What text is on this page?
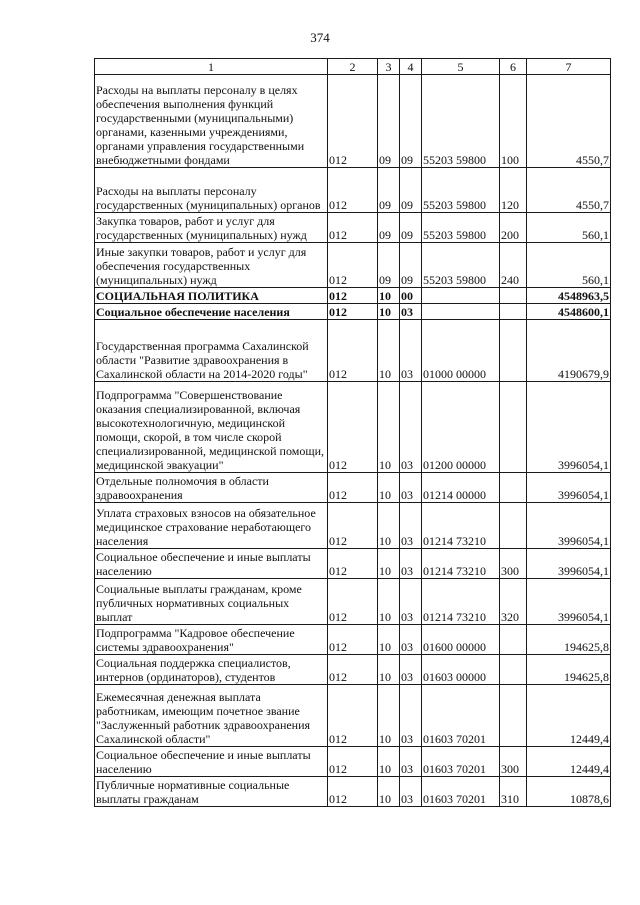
374
1	2	3	4	5	6	7
Расходы на выплаты персоналу в целях обеспечения выполнения функций государственными (муниципальными) органами, казенными учреждениями, органами управления государственными внебюджетными фондами	012	09	09	55203 59800	100	4550,7
Расходы на выплаты персоналу государственных (муниципальных) органов	012	09	09	55203 59800	120	4550,7
Закупка товаров, работ и услуг для государственных (муниципальных) нужд	012	09	09	55203 59800	200	560,1
Иные закупки товаров, работ и услуг для обеспечения государственных (муниципальных) нужд	012	09	09	55203 59800	240	560,1
СОЦИАЛЬНАЯ ПОЛИТИКА	012	10	00			4548963,5
Социальное обеспечение населения	012	10	03			4548600,1
Государственная программа Сахалинской области "Развитие здравоохранения в Сахалинской области на 2014-2020 годы"	012	10	03	01000 00000		4190679,9
Подпрограмма "Совершенствование оказания специализированной, включая высокотехнологичную, медицинской помощи, скорой, в том числе скорой специализированной, медицинской помощи, медицинской эвакуации"	012	10	03	01200 00000		3996054,1
Отдельные полномочия в области здравоохранения	012	10	03	01214 00000		3996054,1
Уплата страховых взносов на обязательное медицинское страхование неработающего населения	012	10	03	01214 73210		3996054,1
Социальное обеспечение и иные выплаты населению	012	10	03	01214 73210	300	3996054,1
Социальные выплаты гражданам, кроме публичных нормативных социальных выплат	012	10	03	01214 73210	320	3996054,1
Подпрограмма "Кадровое обеспечение системы здравоохранения"	012	10	03	01600 00000		194625,8
Социальная поддержка специалистов, интернов (ординаторов), студентов	012	10	03	01603 00000		194625,8
Ежемесячная денежная выплата работникам, имеющим почетное звание "Заслуженный работник здравоохранения Сахалинской области"	012	10	03	01603 70201		12449,4
Социальное обеспечение и иные выплаты населению	012	10	03	01603 70201	300	12449,4
Публичные нормативные социальные выплаты гражданам	012	10	03	01603 70201	310	10878,6
